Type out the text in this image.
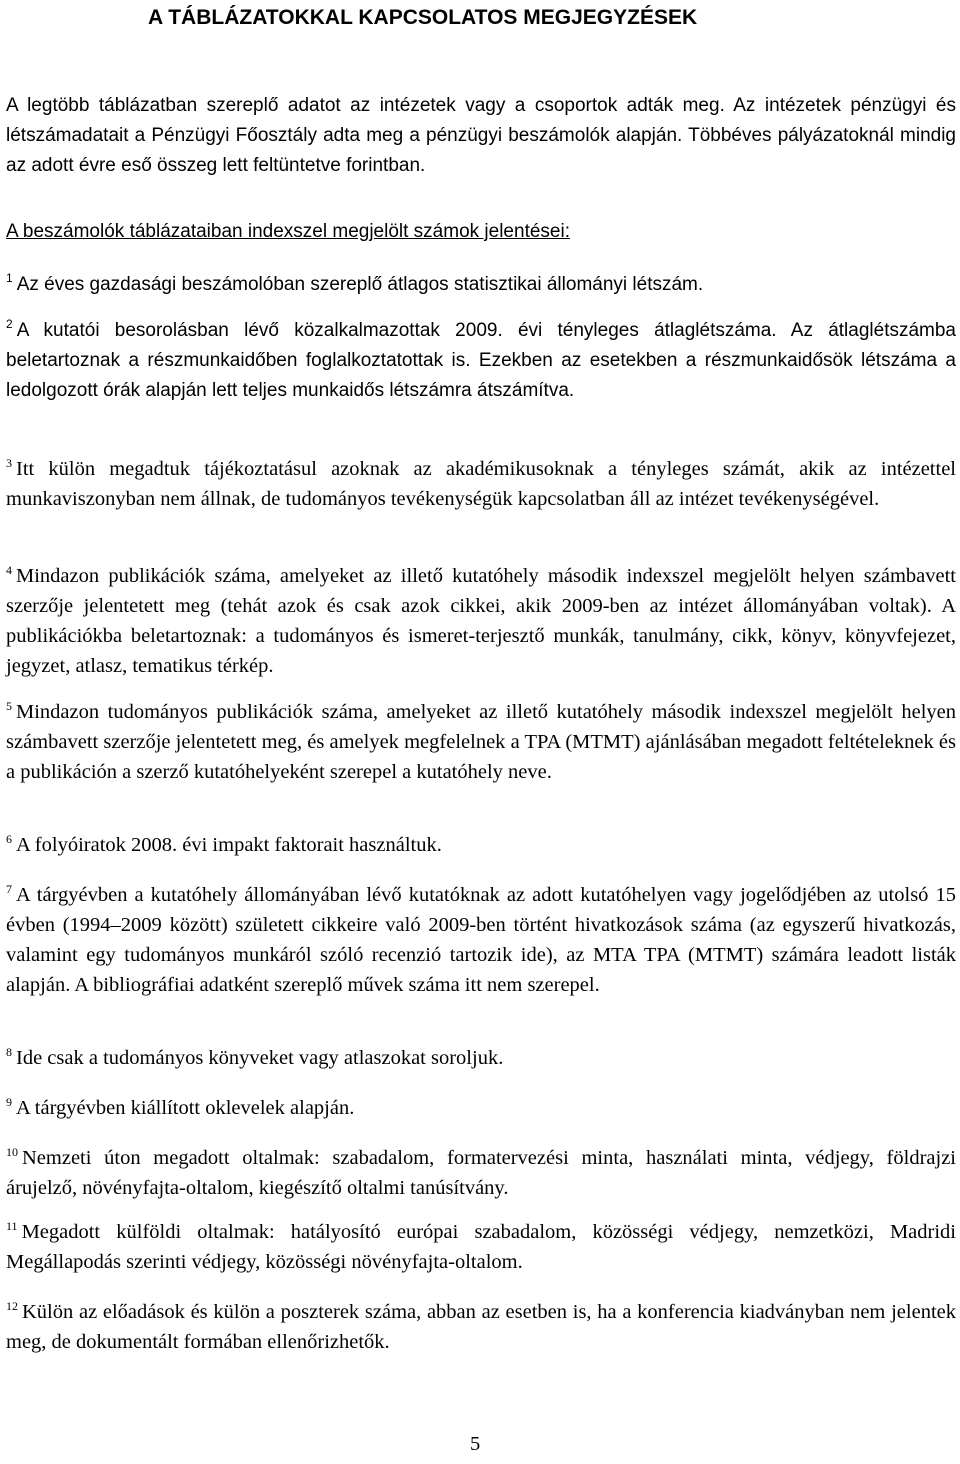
A TÁBLÁZATOKKAL KAPCSOLATOS MEGJEGYZÉSEK

A legtöbb táblázatban szereplő adatot az intézetek vagy a csoportok adták meg. Az intézetek pénzügyi és létszámadatait a Pénzügyi Főosztály adta meg a pénzügyi beszámolók alapján. Többéves pályázatoknál mindig az adott évre eső összeg lett feltüntetve forintban.

A beszámolók táblázataiban indexszel megjelölt számok jelentései:

$^1$ Az éves gazdasági beszámolóban szereplő átlagos statisztikai állományi létszám.

$^2$ A kutatói besorolásban lévő közalkalmazottak 2009. évi tényleges átlaglétszáma. Az átlaglétszámba beletartoznak a részmunkaidőben foglalkoztatottak is. Ezekben az esetekben a részmunkaidősök létszáma a ledolgozott órák alapján lett teljes munkaidős létszámra átszámítva.

$^3$ Itt külön megadtuk tájékoztatásul azoknak az akadémikusoknak a tényleges számát, akik az intézettel munkaviszonyban nem állnak, de tudományos tevékenységük kapcsolatban áll az intézet tevékenységével.

$^4$ Mindazon publikációk száma, amelyeket az illető kutatóhely második indexszel megjelölt helyen számbavett szerzője jelentetett meg (tehát azok és csak azok cikkei, akik 2009-ben az intézet állományában voltak). A publikációkba beletartoznak: a tudományos és ismeret-terjesztő munkák, tanulmány, cikk, könyv, könyvfejezet, jegyzet, atlasz, tematikus térkép.

$^5$ Mindazon tudományos publikációk száma, amelyeket az illető kutatóhely második indexszel megjelölt helyen számbavett szerzője jelentetett meg, és amelyek megfelelnek a TPA (MTMT) ajánlásában megadott feltételeknek és a publikáción a szerző kutatóhelyeként szerepel a kutatóhely neve.

$^6$ A folyóiratok 2008. évi impakt faktorait használtuk.

$^7$ A tárgyévben a kutatóhely állományában lévő kutatóknak az adott kutatóhelyen vagy jogelődjében az utolsó 15 évben (1994–2009 között) született cikkeire való 2009-ben történt hivatkozások száma (az egyszerű hivatkozás, valamint egy tudományos munkáról szóló recenzió tartozik ide), az MTA TPA (MTMT) számára leadott listák alapján. A bibliográfiai adatként szereplő művek száma itt nem szerepel.

$^8$ Ide csak a tudományos könyveket vagy atlaszokat soroljuk.

$^9$ A tárgyévben kiállított oklevelek alapján.

$^{10}$ Nemzeti úton megadott oltalmak: szabadalom, formatervezési minta, használati minta, védjegy, földrajzi árujelző, növényfajta-oltalom, kiegészítő oltalmi tanúsítvány.

$^{11}$ Megadott külföldi oltalmak: hatályosító európai szabadalom, közösségi védjegy, nemzetközi, Madridi Megállapodás szerinti védjegy, közösségi növényfajta-oltalom.

$^{12}$ Külön az előadások és külön a poszterek száma, abban az esetben is, ha a konferencia kiadványban nem jelentek meg, de dokumentált formában ellenőrizhetők.

5
